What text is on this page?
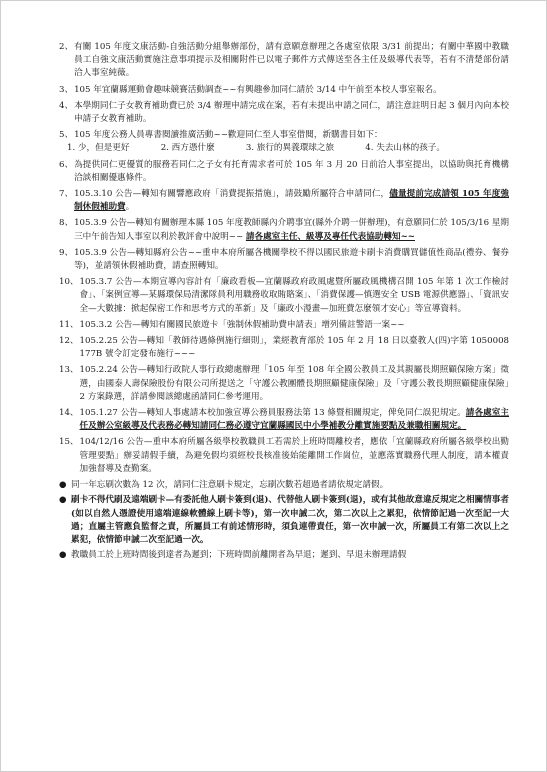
2、 有關 105 年度文康活動-自強活動分組舉辦部份，請有意願意辦理之各處室依限 3/31 前提出；有關中華國中教職員工自強文康活動實施注意事項提示及相關附件已以電子郵件方式傳送至各主任及級導代表等，若有不清楚部份請洽人事室純薇。
3、 105 年宜蘭縣運動會趣味競賽活動調查~~有興趣參加同仁請於 3/14 中午前至本校人事室報名。
4、 本學期同仁子女教育補助費已於 3/4 辦理申請完成在案，若有未提出申請之同仁，請注意註明日起 3 個月內向本校申請子女教育補助。
5、 105 年度公務人員專書閱讀推廣活動~~歡迎同仁至人事室借閱，新購書目如下：
1. 少，但是更好	2. 西方憑什麼	3. 旅行的異義環球之旅	4. 失去山林的孩子。
6、 為提供同仁更優質的服務若同仁之子女有托育需求者可於 105 年 3 月 20 日前洽人事室提出，以協助與托育機構洽談相關優惠條件。
7、 105.3.10 公告—轉知有關響應政府「消費提振措施」，請鼓勵所屬符合申請同仁，儘量提前完成請領 105 年度強制休假補助費。
8、 105.3.9 公告—轉知有關辦理本縣 105 年度教師縣內介聘事宜(縣外介聘一併辦理)，有意願同仁於 105/3/16 星期三中午前告知人事室以利於教評會中說明~~ 請各處室主任、級導及專任代表協助轉知~~
9、 105.3.9 公告—轉知縣府公告~~重申本府所屬各機關學校不得以國民旅遊卡刷卡消費購買儲值性商品(禮券、餐券等)，並請領休假補助費，請查照轉知。
10、 105.3.7 公告—本期宣導內容計有「廉政看板—宜蘭縣政府政風處暨所屬政風機構召開 105 年第 1 次工作檢討會」、「案例宣導—某縣環保局清潔隊員利用職務收取賄賂案」、「消費保護—慎選安全 USB 電源供應器」、「資訊安全—大數據：掀起保密工作和思考方式的革新」及「廉政小漫畫—加班費怎麼領才安心」等宣導資料。
11、 105.3.2 公告—轉知有關國民旅遊卡「強制休假補助費申請表」增列備註警語一案~~
12、 105.2.25 公告—轉知「教師待遇條例施行細則」，業經教育部於 105 年 2 月 18 日以臺教人(四)字第 1050008177B 號令訂定發布施行~~~
13、 105.2.24 公告—轉知行政院人事行政總處辦理「105 年至 108 年全國公教員工及其親屬長期照顧保險方案」徵選，由國泰人壽保險股份有限公司所提送之「守護公教團體長期照顧健康保險」及「守護公教長期照顧健康保險」2 方案錄選，詳請參閱該總處函請同仁參考運用。
14、 105.1.27 公告—轉知人事處請本校加強宣導公務員服務法第 13 條暨相關規定，俾免同仁誤犯規定。請各處室主任及辦公室級導及代表務必轉知請同仁務必遵守宜蘭縣國民中小學補教分離實施要點及兼職相關規定。
15、 104/12/16 公告—重申本府所屬各級學校教職員工若需於上班時間離校者，應依「宜蘭縣政府所屬各級學校出勤管理要點」辦妥請假手續，為避免假均須經校長核准後始能離開工作崗位，並應落實職務代理人制度，請本權責加強督導及查勤案。
● 同一年忘刷次數為 12 次，請同仁注意刷卡規定，忘刷次數若超過者請依規定請假。
● 刷卡不得代刷及遠端刷卡—有委託他人刷卡簽到(退)、代替他人刷卡簽到(退)，或有其他故意違反規定之相關情事者(如以自然人憑證使用遠端連線軟體線上刷卡等)，第一次申誡二次，第二次以上之累犯，依情節記過一次至記一大過；直屬主管應負監督之責，所屬員工有前述情形時，須負連帶責任，第一次申誡一次，所屬員工有第二次以上之累犯，依情節申誡二次至記過一次。
● 教職員工於上班時間後到達者為遲到；下班時間前離開者為早退；遲到、早退未辦理請假
